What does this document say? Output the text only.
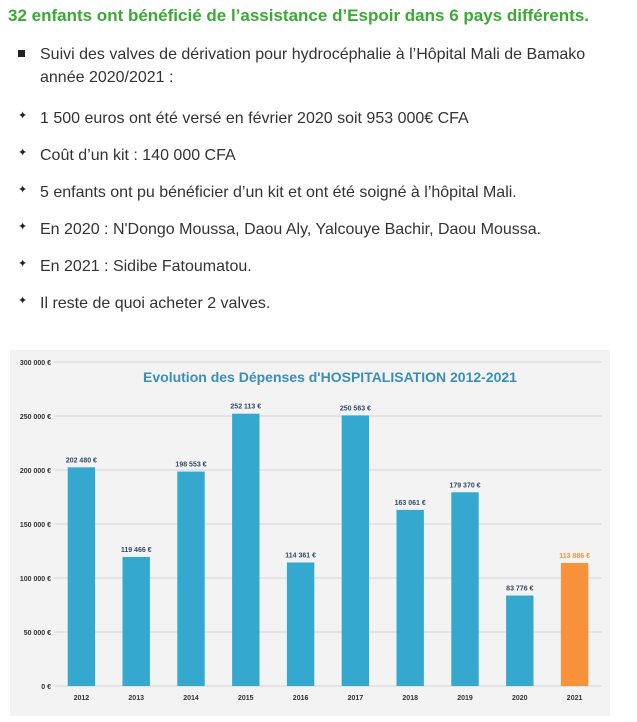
32 enfants ont bénéficié de l’assistance d’Espoir dans 6 pays différents.
Suivi des valves de dérivation pour hydrocéphalie à l’Hôpital Mali de Bamako année 2020/2021 :
✦ 1 500 euros ont été versé en février 2020 soit 953 000€ CFA
✦ Coût d’un kit : 140 000 CFA
✦ 5 enfants ont pu bénéficier d’un kit et ont été soigné à l’hôpital Mali.
✦ En 2020 : N'Dongo Moussa, Daou Aly, Yalcouye Bachir, Daou Moussa.
✦ En 2021 : Sidibe Fatoumatou.
✦ Il reste de quoi acheter 2 valves.
Evolution des Dépenses d'HOSPITALISATION 2012-2021
0 €
50 000 €
100 000 €
150 000 €
200 000 €
250 000 €
300 000 €
202 480 €
2012
119 466 €
2013
198 553 €
2014
252 113 €
2015
114 361 €
2016
250 563 €
2017
163 061 €
2018
179 370 €
2019
83 776 €
2020
113 886 €
2021
